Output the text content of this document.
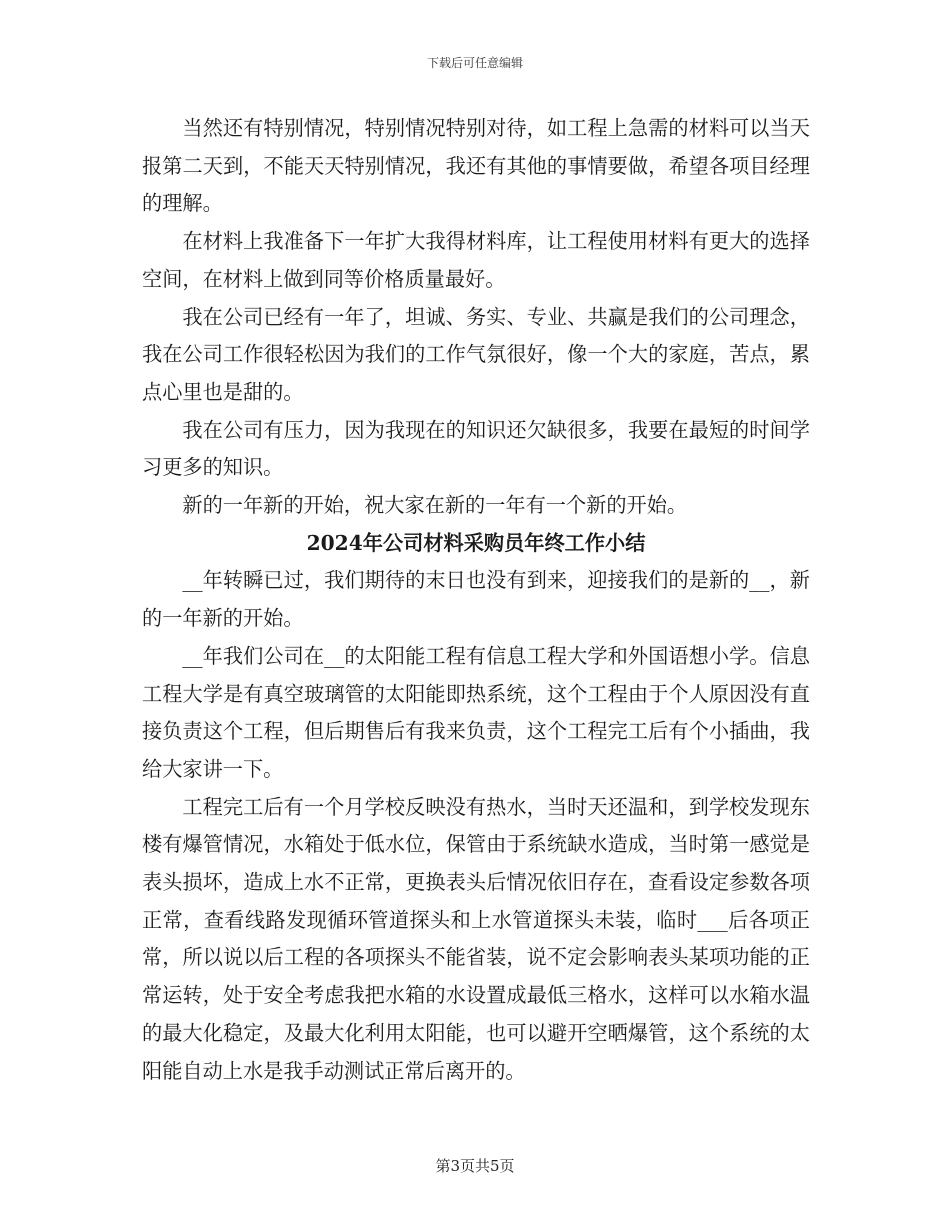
下载后可任意编辑

当然还有特别情况，特别情况特别对待，如工程上急需的材料可以当天报第二天到，不能天天特别情况，我还有其他的事情要做，希望各项目经理的理解。

在材料上我准备下一年扩大我得材料库，让工程使用材料有更大的选择空间，在材料上做到同等价格质量最好。

我在公司已经有一年了，坦诚、务实、专业、共赢是我们的公司理念，我在公司工作很轻松因为我们的工作气氛很好，像一个大的家庭，苦点，累点心里也是甜的。

我在公司有压力，因为我现在的知识还欠缺很多，我要在最短的时间学习更多的知识。

新的一年新的开始，祝大家在新的一年有一个新的开始。

2024年公司材料采购员年终工作小结

__年转瞬已过，我们期待的末日也没有到来，迎接我们的是新的__，新的一年新的开始。

__年我们公司在__的太阳能工程有信息工程大学和外国语想小学。信息工程大学是有真空玻璃管的太阳能即热系统，这个工程由于个人原因没有直接负责这个工程，但后期售后有我来负责，这个工程完工后有个小插曲，我给大家讲一下。

工程完工后有一个月学校反映没有热水，当时天还温和，到学校发现东楼有爆管情况，水箱处于低水位，保管由于系统缺水造成，当时第一感觉是表头损坏，造成上水不正常，更换表头后情况依旧存在，查看设定参数各项正常，查看线路发现循环管道探头和上水管道探头未装，临时___后各项正常，所以说以后工程的各项探头不能省装，说不定会影响表头某项功能的正常运转，处于安全考虑我把水箱的水设置成最低三格水，这样可以水箱水温的最大化稳定，及最大化利用太阳能，也可以避开空晒爆管，这个系统的太阳能自动上水是我手动测试正常后离开的。

第3页共5页
